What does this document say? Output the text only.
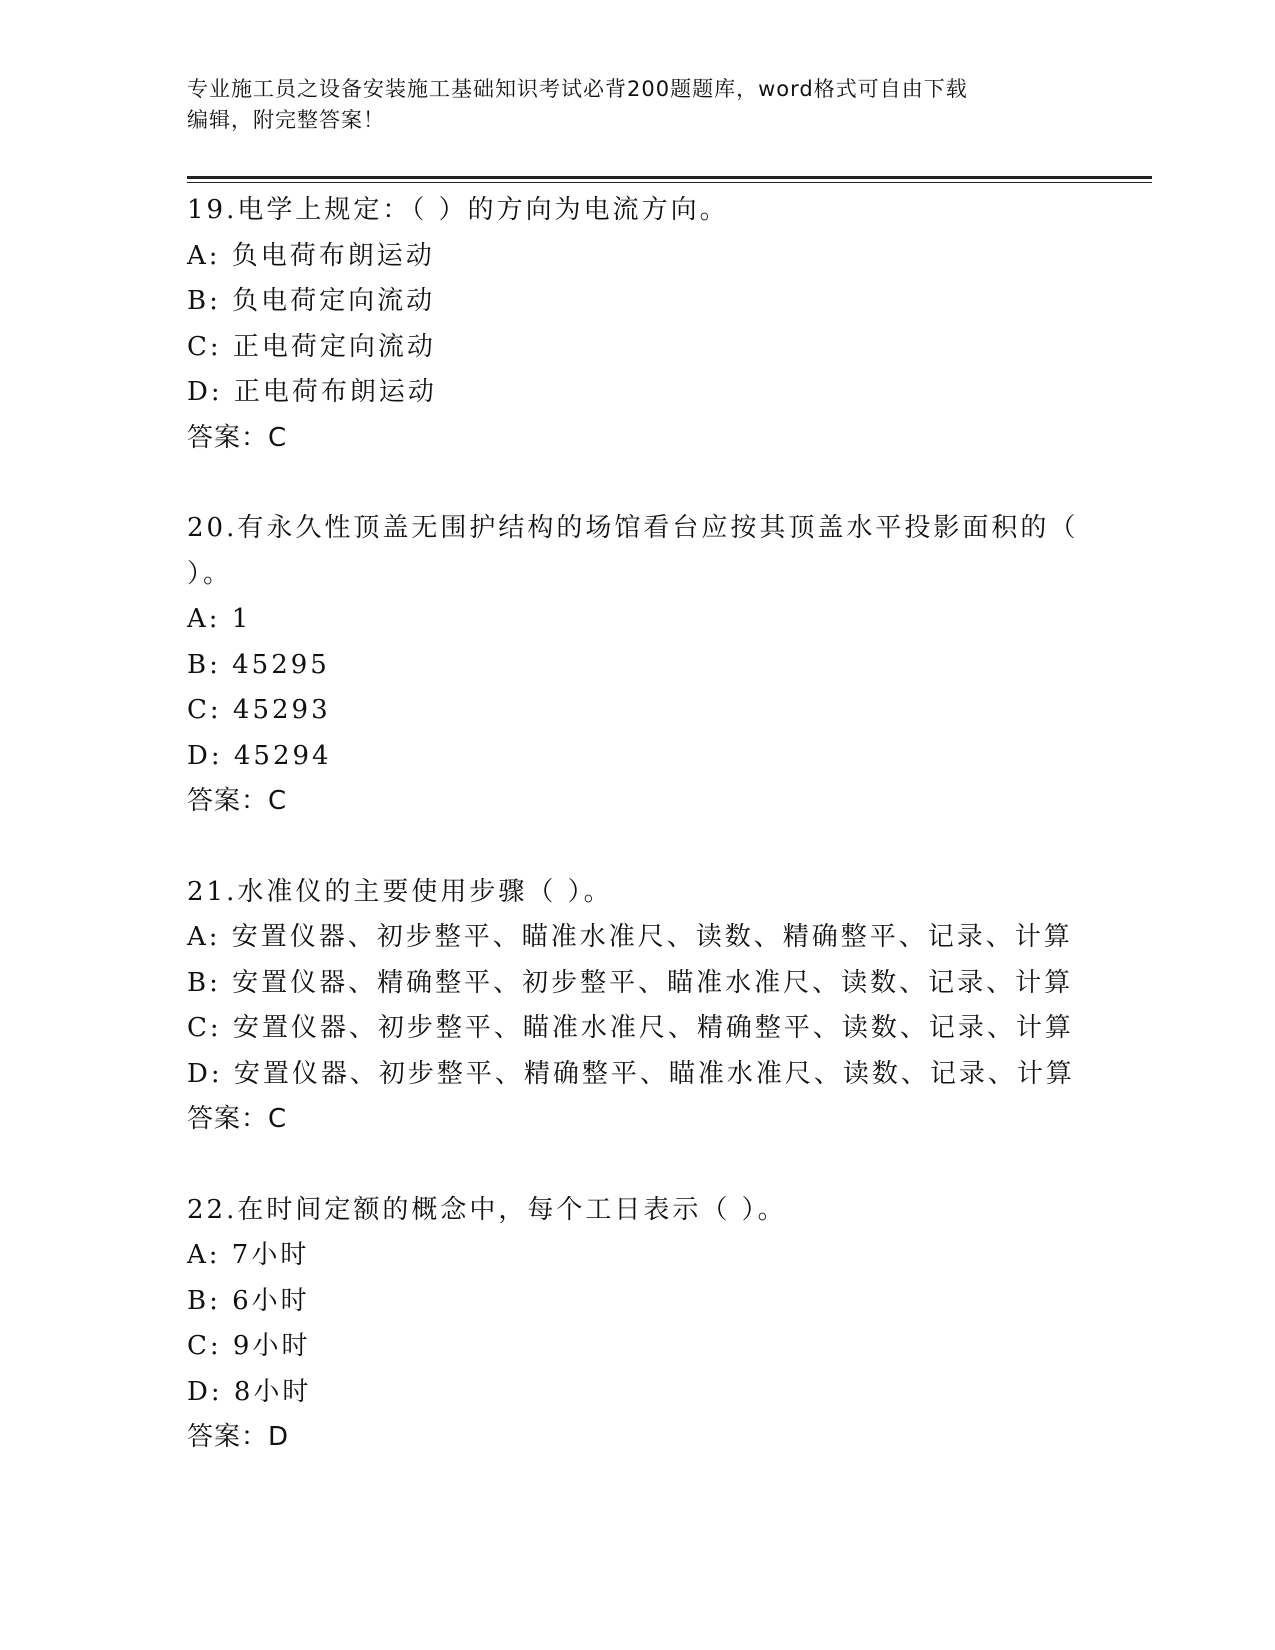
专业施工员之设备安装施工基础知识考试必背200题题库，word格式可自由下载
编辑，附完整答案！
19.电学上规定：（ ）的方向为电流方向。
A: 负电荷布朗运动
B: 负电荷定向流动
C: 正电荷定向流动
D: 正电荷布朗运动
答案：C
20.有永久性顶盖无围护结构的场馆看台应按其顶盖水平投影面积的（
）。
A: 1
B: 45295
C: 45293
D: 45294
答案：C
21.水准仪的主要使用步骤（ ）。
A: 安置仪器、初步整平、瞄准水准尺、读数、精确整平、记录、计算
B: 安置仪器、精确整平、初步整平、瞄准水准尺、读数、记录、计算
C: 安置仪器、初步整平、瞄准水准尺、精确整平、读数、记录、计算
D: 安置仪器、初步整平、精确整平、瞄准水准尺、读数、记录、计算
答案：C
22.在时间定额的概念中，每个工日表示（ ）。
A: 7小时
B: 6小时
C: 9小时
D: 8小时
答案：D
